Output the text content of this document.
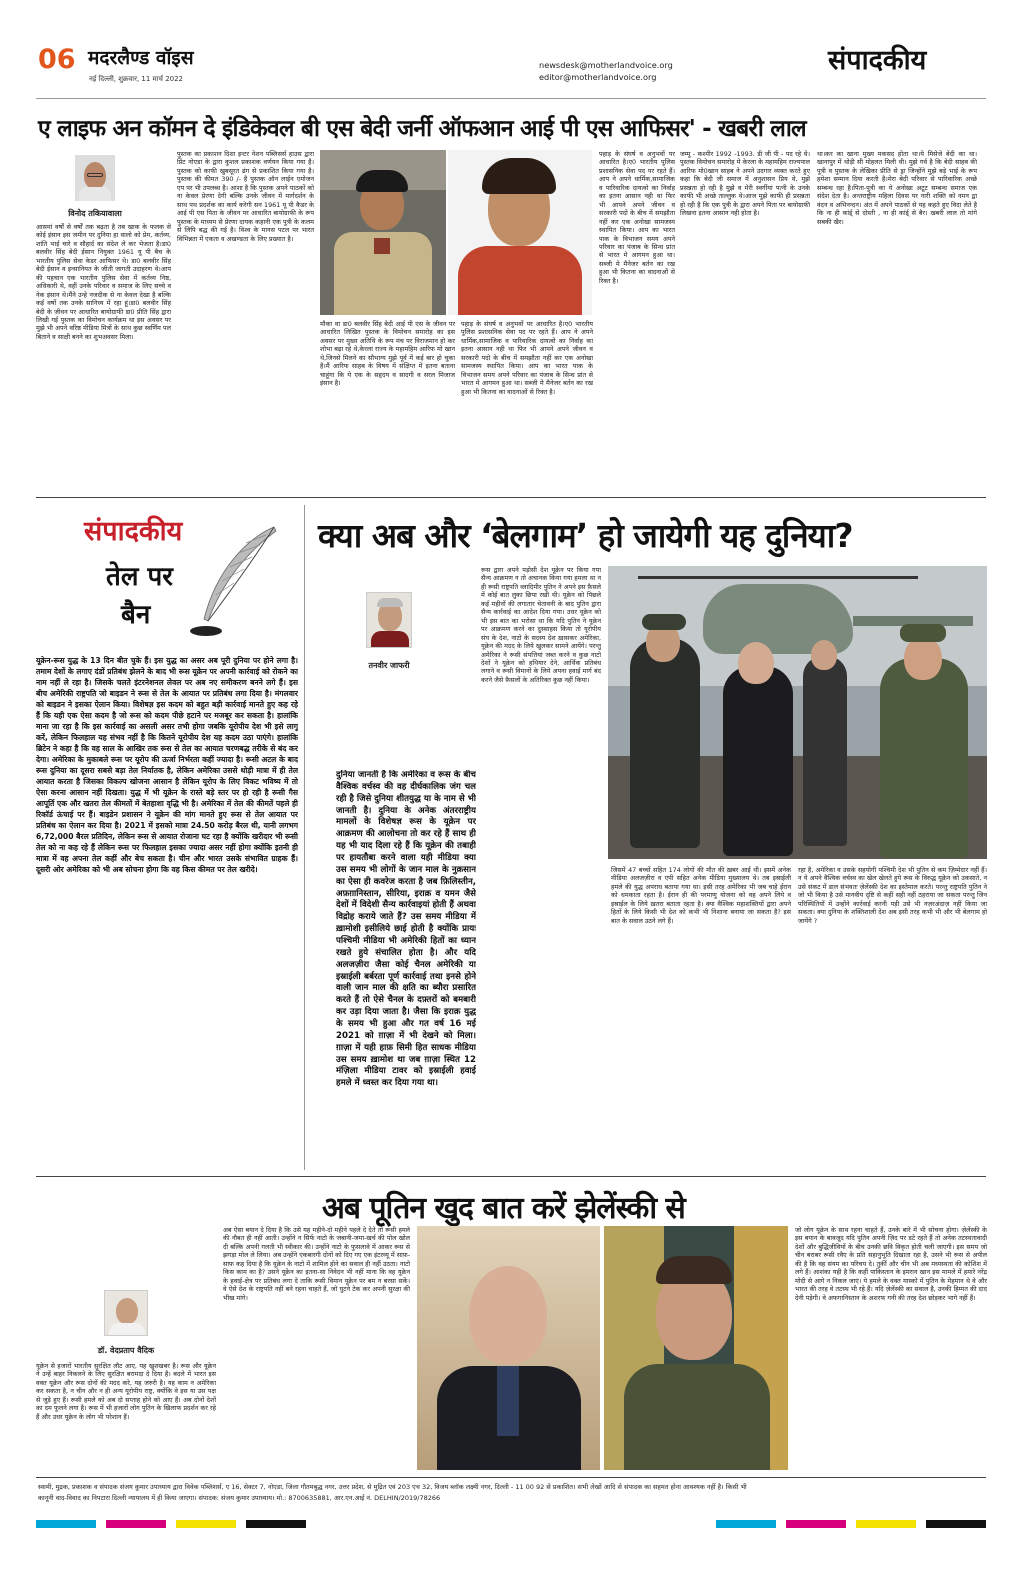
06 मदरलैण्ड वॉइस
नई दिल्ली, शुक्रवार, 11 मार्च 2022
newsdesk@motherlandvoice.org
editor@motherlandvoice.org
संपादकीय
ए लाइफ अन कॉमन दे इंडिकेवल बी एस बेदी जर्नी ऑफआन आई पी एस आफिसर' - खबरी लाल
विनोद तकियावाला
आसमां वर्षों से वर्षों तक बढ़ता है तब खाक के फलक से कोई इंसान इस जमीन पर दुनिया हा वालो को प्रेम, कर्तव्य, शांति भाई चारे व सौहार्द का संदेश ले कर भेजता है।डा0 बलवीर सिंह बेदी ईसान नियुक्त 1961 यू पी बैच के भारतीय पुलिस सेवा केडर आफिसर थे। डा0 बलवीर सिंह बेदी ईसान व इन्सानियत के जीती जागती उदाहरण थे।आप की पहचान एक भारतीय पुलिस सेवा में कर्तव्य निष्ठ, अधिकारी थे, वहीं उनके परिवार व समाज के लिए सच्चे व नेक इंसान थे।मैंने उन्हे नजदीक से ना केवल देखा है बल्कि कई वर्षो तक उनके सानिध्य में रहा हूं।डा0 बलवीर सिंह बेदी के जीवन पर आधारित बायोग्राफी डा0 प्रीति सिंह द्वारा लिखी गई पुस्तक का विमोचन कार्यक्रम था इस अवसर पर मुझे भी अपने वरिष्ठ मीडिया मित्रों के साथ कुछ स्वर्णिम पल बिताने व साक्षी बनने का शुभअवसर मिला।
पुस्तक का प्रकाशन दिशा इन्टर नेशन पब्लिसर्स हाउस द्वारा प्रिंट नोएडा के द्वारा कुशल प्रकाशक वर्णयन किया गया है।पुस्तक को काफी खुबसूरत ढंग से प्रकाशित किया गया है। पुस्तक की कीमत 390 /- है पुस्तक ऑन लाईन एमोजन एप पर भी उपलब्ध है। आशा है कि पुस्तक अपने पाठकों को ना केवल प्रेरणा देगी बल्कि उनके जीवन में मार्गदर्शन के साथ पथ प्रदर्शक का कार्य करेगी सन 1961 यू पी कैडर के आई पी एस पिता के जीवन पर आधारित बायोग्राफी के रूप पुस्तक के माध्यम से प्रेरणा दायक कहानी एक पुत्री के कलम से लिपि बद्ध की गई है। विश्व के मानस पटल पर भारत विभिन्नता में एकता व अखण्डता के लिए प्रख्यात है।
मौका था डा0 बलवीर सिंह बेदी आई पी एस के जीवन पर आधारित लिखित पुस्तक के विमोचन समारोह का इस अवसर पर मुख्य अतिथि के रूप मंच पर विराजमान हो कर शोभा बढ़ा रहे थे,केरला राज्य के महामहिम आरिफ मो खान थे,जिनसे मिलने का सौभाग्य मुझे पूर्व में कई बार हो चुका है।मैं आरिफ साहब के विषय में संक्षिप्त में इतना बताना चाहूंगा कि ये एक के सहृदय व सादगी व सरल मिजाज इंसान है।
पहाड़ के संघर्ष व अनुभवों पर आधारित है।ए0 भारतीय पुलिस प्रशासनिक सेवा पद पर रहते हैं। आप ने अपने धार्मिक,सामाजिक व पारिवारिक दायत्वो का निर्वाह का इतना आसान नही था फिर भी आपने अपने जीवन व सरकारी पदो के बीच में समझौता नहीं कर एक अनोखा सामजस्य स्थापित किया। आप का भारत पाक के विभाजन समय अपने परिवार का पंजाब के सिन्ध प्रांत से भारत मे आगमन हुआ था। सब्जी मे मैनेजर बर्तन का रख हुआ भी कितना का वादनाओं से रिक्त है।
पहाड़ के संघर्ष व अनुभवों पर आधारित है।ए0 भारतीय पुलिस प्रशासनिक सेवा पद पर रहते हैं। आप ने अपने धार्मिक,सामाजिक व पारिवारिक दायत्वो का निर्वाह का इतना आसान नही था फिर भी आपने अपने जीवन व सरकारी पदो के बीच में समझौता नहीं कर एक अनोखा सामजस्य स्थापित किया। आप का भारत पाक के विभाजन समय अपने परिवार का पंजाब के सिन्ध प्रांत से भारत मे आगमन हुआ था। सब्जी मे मैनेजर बर्तन का रख हुआ भी कितना का वादनाओं से रिक्त है।
जम्मू - कश्मीर 1992 -1993. डी जी पी - पद रहे थे। पुस्तक विमोचन समारोह मे केरला के महामहिम राज्यपाल आरिफ मो0खान साहब ने अपने उदगार व्यक्त करते हुए कहा कि बेदी जी समाज में अनुशासन प्रिय थे, मुझे प्रसन्नता हो रही है मुझे व मेरी स्वर्गीयां पत्नी के उनके काफी भी अच्छे ताल्लुक थे।आज मुझे काफी ही प्रसन्नता हो रही है कि एक पुत्री के द्वारा अपने पिता पर बायोग्राफी लिखना इतना आसान नही होता है।
था।कर का खाना मुख्य मकसद होता था।ये मिसेजे बेदी का था।खानापुर में थोड़ी सी मोहलत मिली थी। मुझे गर्व है कि बेदी साहब की पुत्री व पुस्तक के लेखिका प्रीति से ड्रा जिन्होंने मुझे बड़े भाई के रूप हमेशा सम्मान दिया करती है।मेरा बेदी परिवार से पारिवारिक अच्छे सम्बन्ध रहा है।पिता-पुत्री का ये अनोखा अटूट सम्बन्ध समाज एक संदेश देता है। अन्तराष्ट्रीय महिला दिवस पर नारी शक्ति को नमन द्वा वंदन व अभिनन्दन। अंत में अपने पाठकों से यह कहते हुए विदा लेते है कि ना ही कांई् से दोस्ती , ना ही कांई् से बैर। खबरी लाल तो मांगे सबकी खैर।
संपादकीय
तेल पर
बैन
यूक्रेन-रूस युद्ध के 13 दिन बीत चुके हैं। इस युद्ध का असर अब पूरी दुनिया पर होने लगा है। तमाम देशों के लगाए दंडों प्रतिबंध झेलने के बाद भी रूस यूक्रेन पर अपनी कार्रवाई को रोकने का नाम नहीं ले रहा है। जिसके चलते इंटरनेशनल लेवल पर अब नए समीकरण बनने लगे हैं। इस बीच अमेरिकी राष्ट्रपति जो बाइडन ने रूस से तेल के आयात पर प्रतिबंध लगा दिया है। मंगलवार को बाइडन ने इसका ऐलान किया। विशेषज्ञ इस कदम को बहुत बड़ी कार्रवाई मानते हुए कह रहे हैं कि यही एक ऐसा कदम है जो रूस को कदम पीछे हटाने पर मजबूर कर सकता है। हालांकि माना जा रहा है कि इस कार्रवाई का असली असर तभी होगा जबकि यूरोपीय देश भी इसे लागू करें, लेकिन फिलहाल यह संभव नहीं है कि कितने यूरोपीय देश यह कदम उठा पाएंगे। हालांकि ब्रिटेन ने कहा है कि वह साल के आखिर तक रूस से तेल का आयात चरणबद्ध तरीके से बंद कर देगा। अमेरिका के मुकाबले रूस पर यूरोप की ऊर्जा निर्भरता कहीं ज्यादा है। रूसी अटल के बाद रूस दुनिया का दूसरा सबसे बड़ा तेल निर्यातक है, लेकिन अमेरिका उससे थोड़ी मात्रा में ही तेल आयात करता है जिसका विकल्प खोजना आसान है लेकिन यूरोप के लिए विकट भविष्य में तो ऐसा करना आसान नहीं दिखता। युद्ध में भी यूक्रेन के रास्ते बड़े स्तर पर हो रही है रूसी गैस आपूर्ति एक और खतरा तेल कीमतों में बेतहाशा वृद्धि भी है। अमेरिका में तेल की कीमतें पहले ही रिकॉर्ड ऊंचाई पर हैं। बाइडेन प्रशासन ने यूक्रेन की मांग मानते हुए रूस से तेल आयात पर प्रतिबंध का ऐलान कर दिया है। 2021 में इसको मात्रा 24.50 करोड़ बैरल थी, यानी लगभग 6,72,000 बैरल प्रतिदिन, लेकिन रूस से आयात रोजाना घट रहा है क्योंकि खरीदार भी रूसी तेल को ना कह रहे हैं लेकिन रूस पर फिलहाल इसका ज्यादा असर नहीं होगा क्योंकि इतनी ही मात्रा में वह अपना तेल कहीं और बेच सकता है। चीन और भारत उसके संभावित ग्राहक हैं। दूसरी ओर अमेरिका को भी अब सोचना होगा कि वह किस कीमत पर तेल खरीदे।
क्या अब और ‘बेलगाम’ हो जायेगी यह दुनिया?
तनवीर जाफरी
दुनिया जानती है कि अमेरिका व रूस के बीच वैश्विक वर्चस्व की वह दीर्घकालिक जंग चल रही है जिसे दुनिया शीतयुद्ध या के नाम से भी जानती है। दुनिया के अनेक अंतरराष्ट्रीय मामलों के विशेषज्ञ रूस के यूक्रेन पर आक्रमण की आलोचना तो कर रहे हैं साथ ही यह भी याद दिला रहे हैं कि यूक्रेन की तबाही पर हायतौबा करने वाला यही मीडिया क्या उस समय भी लोगों के जान माल के नुक़सान का ऐसा ही कवरेज करता है जब फ़िलिस्तीन, अफ़ग़ानिस्तान, सीरिया, इराक़ व यमन जैसे देशों में विदेशी सैन्य कार्रवाइयां होती हैं अथवा विद्रोह कराये जाते हैं? उस समय मीडिया में ख़ामोशी इसीलिये छाई होती है क्योंकि प्रायः पश्चिमी मीडिया भी अमेरिकी हितों का ध्यान रखते हुये संचालित होता है। और यदि अलजज़ीरा जैसा कोई चैनल अमेरिकी या इस्राईली बर्बरता पूर्ण कार्रवाई तथा इनसे होने वाली जान माल की क्षति का ब्यौरा प्रसारित करते हैं तो ऐसे चैनल के दफ़्तरों को बमबारी कर उड़ा दिया जाता है। जैसा कि इराक़ युद्ध के समय भी हुआ और गत वर्ष 16 मई 2021 को ग़ाज़ा में भी देखने को मिला। ग़ाज़ा में यही हाफ़ सिमी हित साधक मीडिया उस समय ख़ामोश था जब ग़ाज़ा स्थित 12 मंज़िला मीडिया टावर को इस्राईली हवाई हमले में ध्वस्त कर दिया गया था।
रूस द्वारा अपने पड़ोसी देश यूक्रेन पर किया गया सैन्य आक्रमण न तो अचानक किया गया हमला था न ही रूसी राष्ट्रपति व्लादिमीर पुतिन ने अपने इस फ़ैसले में कोई बात लुका छिपा रखी थी। यूक्रेन को पिछले कई महीनों की लगातार चेतावनी के बाद पुतिन द्वारा सैन्य कार्रवाई का आदेश दिया गया। उधर यूक्रेन को भी इस बात का भरोसा था कि यदि पुतिन ने यूक्रेन पर आक्रमण करने का दुस्साहस किया तो यूरोपीय संघ के देश, नाटो के सदस्य देश ख़ासकर अमेरिका, यूक्रेन की मदद के लिये खुलकर सामने आयेंगे। परन्तु अमेरिका ने रूसी संपत्तियां जब्त करने व कुछ नाटो देशों ने यूक्रेन को हथियार देने, आर्थिक प्रतिबंध लगाने व रूसी विमानों के लिये अपना हवाई मार्ग बंद करने जैसे फ़ैसलों के अतिरिक्त कुछ नहीं किया।
जिसमें 47 बच्चों सहित 174 लोगों की मौत की ख़बर आई थी। इसमें अनेक मीडिया अलजज़ीरा व एपी सहित अनेक मीडिया मुख्यालय थे। तब इस्राईली हमले की युद्ध अपराध बताया गया था। इसी तरह अमेरिका भी जब चाहे ईरान को धमकाता रहता है। ईरान ही की परमाणु योजना को वह अपने लिये व इस्राईल के लिये ख़तरा बताता रहता है। क्या वैश्विक महाशक्तियों द्वारा अपने हितों के लिये किसी भी देश को कभी भी निशाना बनाया जा सकता है? इस बात के सवाल उठने लगे हैं।
रहा है, अमेरिका व उसके सहयोगी पश्चिमी देश भी पुतिन से कम ज़िम्मेदार नहीं हैं। न ये अपने वैश्विक वर्चस्व का खेल खेलते हुये रूस के विरुद्ध यूक्रेन को उकसाते, न उसे संकट में डाल संभवतः ज़ेलेंस्की देश का इस्तेमाल करते। परन्तु राष्ट्रपति पुतिन ने जो भी किया है उसे मानवीय दृष्टि से कहीं सही नहीं ठहराया जा सकता परन्तु जिन परिस्थितियों में उन्होंने कार्रवाई करनी पड़ी उसे भी नज़रअंदाज़ नहीं किया जा सकता। क्या दुनिया के शक्तिशाली देश अब इसी तरह कभी भी और भी बेलगाम हो जायेंगे ?
अब पूतिन खुद बात करें झेलेंस्की से
डॉ. वेदप्रताप वैदिक
यूक्रेन से हजारों भारतीय सुरक्षित लौट आए, यह खुशखबर है। रूस और यूक्रेन ने उन्हें बाहर निकलने के लिए सुरक्षित बरामदा दे दिया है। बदले में भारत इस वक्त यूक्रेन और रूस दोनों की मदद करे, यह जरुरी है। यह काम न अमेरिका कर सकता है, न चीन और न ही अन्य यूरोपीय राष्ट्र, क्योंकि वे इस या उस पक्ष से जुड़े हुए हैं। रूसी हमले को अब दो सप्ताह होने को आए हैं। अब दोनों देशों का दम फूलने लगा है। रूस में भी हजारों लोग पुतिन के खिलाफ प्रदर्शन कर रहे हैं और उधर यूक्रेन के लोग भी परेशान हैं।
अब ऐसा बयान दे दिया है कि उसे यह महीने-दो महीने पहले दे देते तो रूसी हमले की नौबत ही नहीं आती। उन्होंने न सिर्फ नाटो के जबानी-जमा-खर्च की पोल खोल दी बल्कि अपनी गलती भी स्वीकार की। उन्होंने नाटो के फुसलावे में आकर रूस से झगड़ा मोल ले लिया। अब उन्होंने एकबारगी दोनों को दिए गए एक इंटरव्यू में साफ़-साफ़ कह दिया है कि यूक्रेन के नाटो में शामिल होने का सवाल ही नहीं उठता। नाटो किस काम का है? उसने यूक्रेन का इतना-सा निवेदन भी नहीं माना कि वह यूक्रेन के हवाई-क्षेत्र पर प्रतिबंध लगा दे ताकि रूसी विमान यूक्रेन पर बम न बरसा सकें। वे ऐसे देश के राष्ट्रपति नहीं बने रहना चाहते हैं, जो घुटने टेक कर अपनी सुरक्षा की भीख मांगे।
जो लोग यूक्रेन के साथ रहना चाहते हैं, उनके बारे में भी सोचना होगा। ज़ेलेंस्की के इस बयान के बावजूद यदि पुतिन अपनी ज़िद पर डटे रहते हैं तो अनेक तटस्थतावादी देशों और बुद्धिजीवियों के बीच उनकी छवि विकृत होती चली जाएगी। इस समय जो चीन बराबर रूसी रवैए के प्रति सहानुभूति दिखाता रहा है, उसने भी रूस से अपील की है कि वह संयम का परिचय दे। तुर्की और चीन भी अब मध्यस्थता की कोशिश में लगे हैं। आशंका यही है कि कहीं पाकिस्तान के इमरान खान इस मामले में हमारे नरेंद्र मोदी से आगे न निकल जाएं। ये हमले के वक्त मास्को में पुतिन के मेहमान थे वे और भारत की तरह वे तटस्थ भी रहे हैं। यदि ज़ेलेंस्की का सवाल है, उनकी हिम्मत की दाद देनी पड़ेगी। वे अफगानिस्तान के अशरफ गनी की तरह देश छोड़कर भागे नहीं हैं।
स्वामी, मुद्रक, प्रकाशक व संपादक संजय कुमार उपाध्याय द्वारा विवेक पब्लिशर्स, ए 16, सेक्टर 7, नोएडा, जिला गौतमबुद्ध नगर, उत्तर प्रदेश, से मुद्रित एवं 203 एच 32, विजय ब्लॉक लक्ष्मी नगर, दिल्ली - 11 00 92 से प्रकाशित। सभी लेखों आदि से संपादक का सहमत होना आवश्यक नहीं है। किसी भी
कानूनी वाद-विवाद का निपटारा दिल्ली न्यायालय में ही किया जाएगा। संपादक: संजय कुमार उपाध्याय। मो.: 8700635881, आर.एन.आई नं. DELHIN/2019/78266
